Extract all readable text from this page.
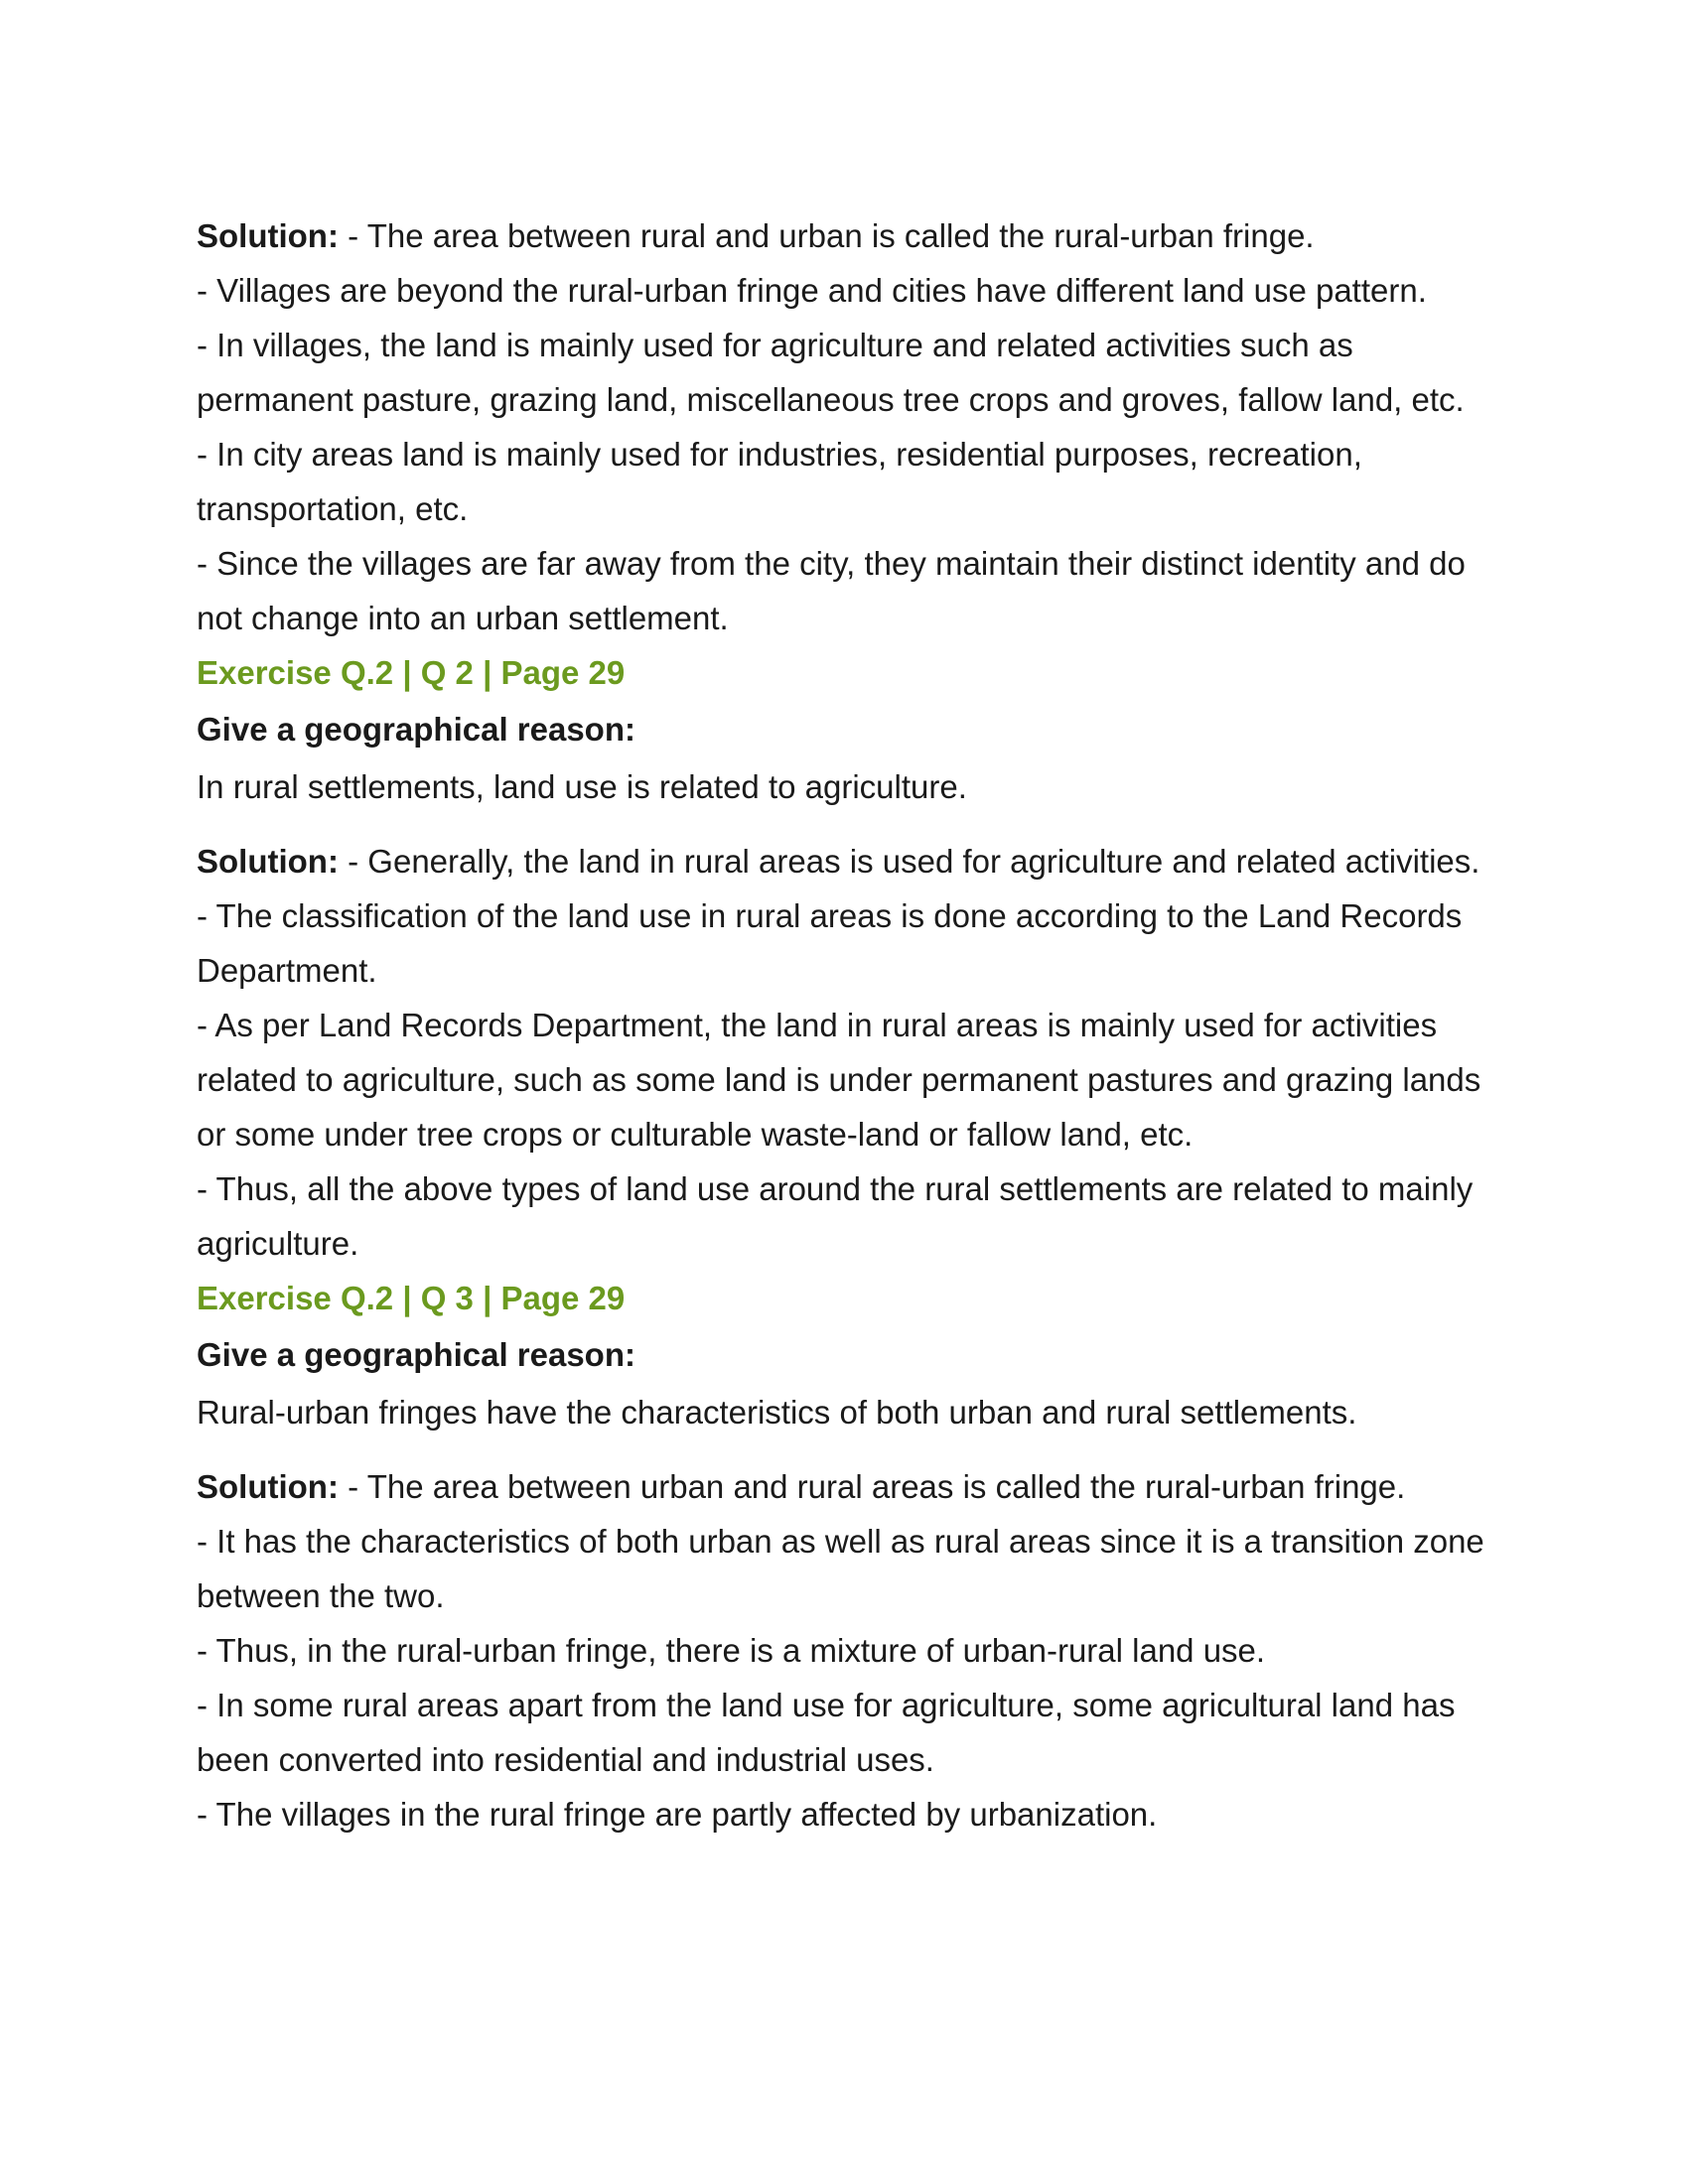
Solution: - The area between rural and urban is called the rural-urban fringe.

- Villages are beyond the rural-urban fringe and cities have different land use pattern.

- In villages, the land is mainly used for agriculture and related activities such as permanent pasture, grazing land, miscellaneous tree crops and groves, fallow land, etc.

- In city areas land is mainly used for industries, residential purposes, recreation, transportation, etc.

- Since the villages are far away from the city, they maintain their distinct identity and do not change into an urban settlement.

Exercise Q.2 | Q 2 | Page 29

Give a geographical reason:

In rural settlements, land use is related to agriculture.

Solution: - Generally, the land in rural areas is used for agriculture and related activities.

- The classification of the land use in rural areas is done according to the Land Records Department.

- As per Land Records Department, the land in rural areas is mainly used for activities related to agriculture, such as some land is under permanent pastures and grazing lands or some under tree crops or culturable waste-land or fallow land, etc.

- Thus, all the above types of land use around the rural settlements are related to mainly agriculture.

Exercise Q.2 | Q 3 | Page 29

Give a geographical reason:

Rural-urban fringes have the characteristics of both urban and rural settlements.

Solution: - The area between urban and rural areas is called the rural-urban fringe.

- It has the characteristics of both urban as well as rural areas since it is a transition zone between the two.

- Thus, in the rural-urban fringe, there is a mixture of urban-rural land use.

- In some rural areas apart from the land use for agriculture, some agricultural land has been converted into residential and industrial uses.

- The villages in the rural fringe are partly affected by urbanization.
